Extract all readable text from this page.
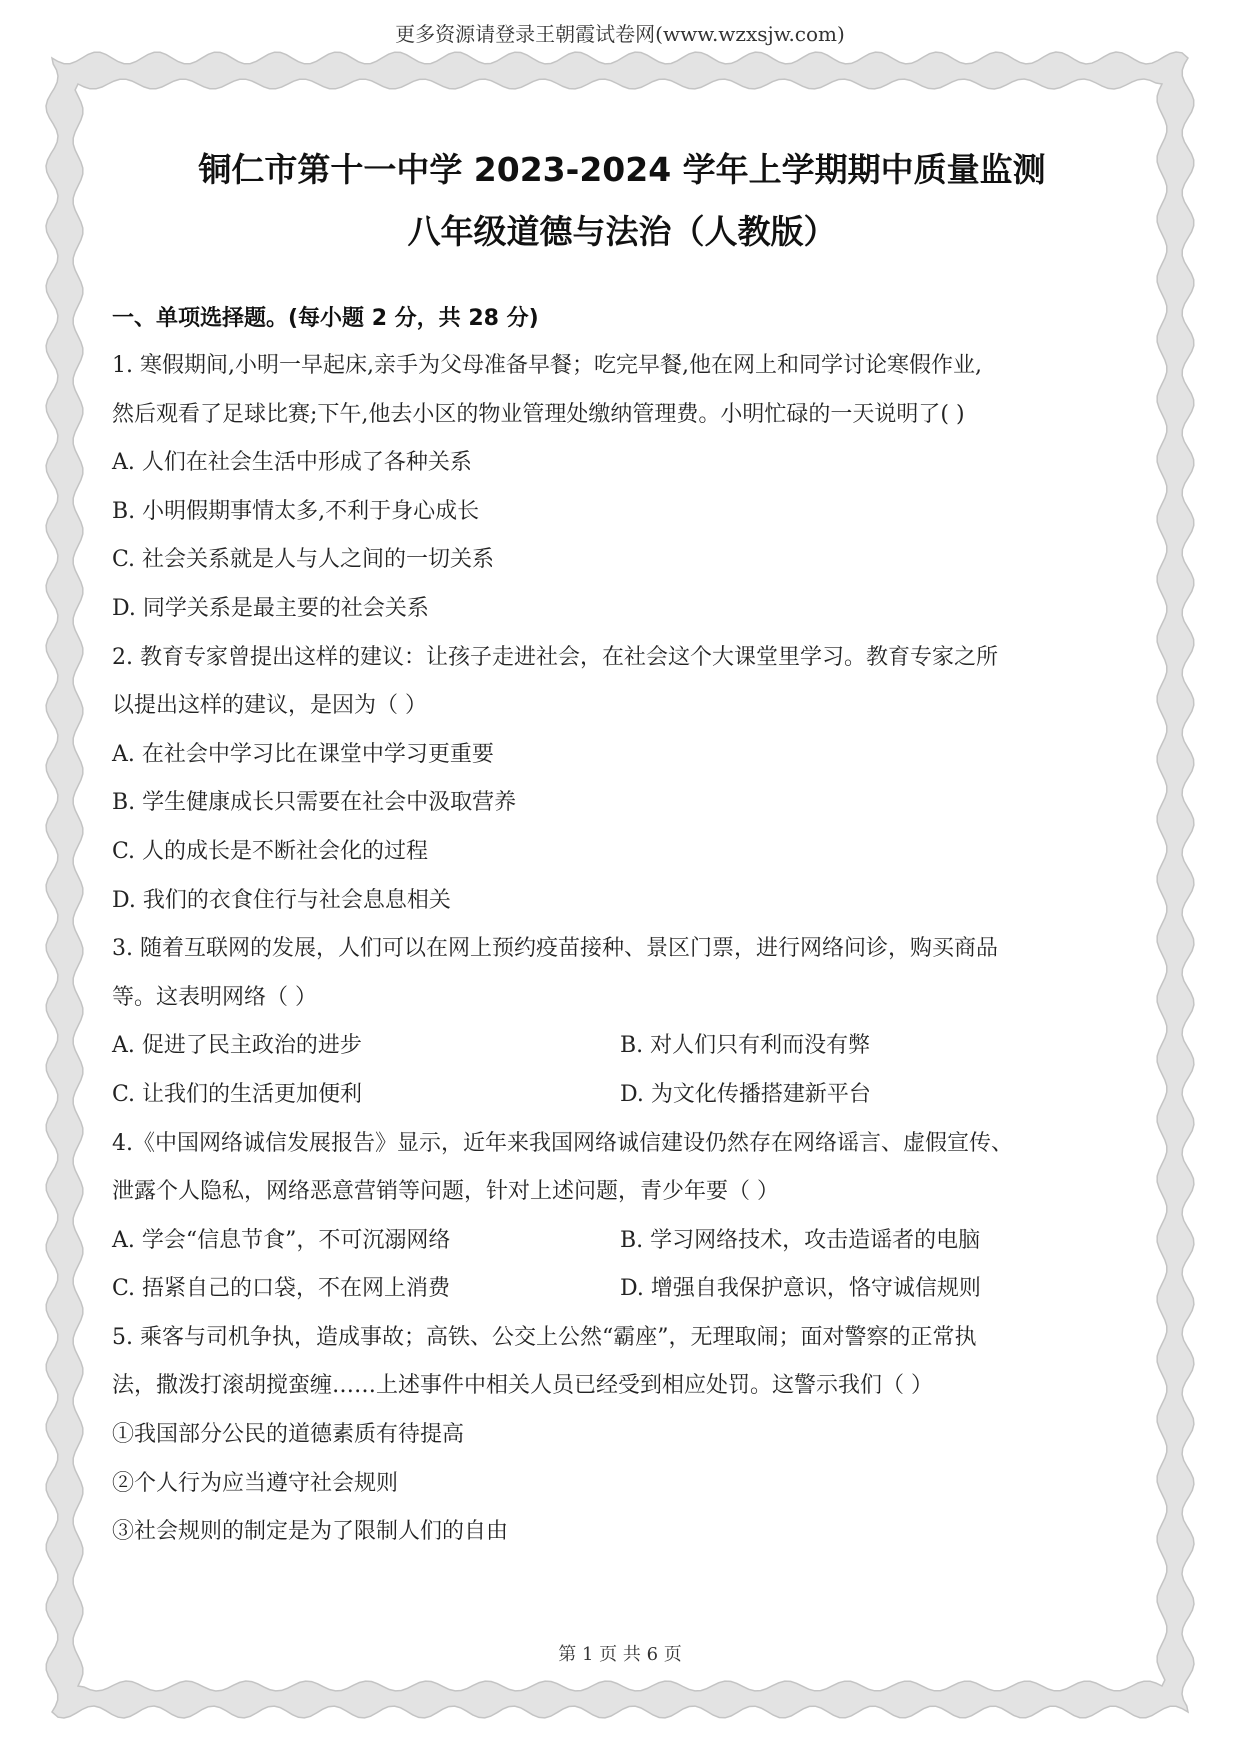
更多资源请登录王朝霞试卷网(www.wzxsjw.com)
铜仁市第十一中学 2023-2024 学年上学期期中质量监测
八年级道德与法治（人教版）
一、单项选择题。(每小题 2 分，共 28 分)
1. 寒假期间,小明一早起床,亲手为父母准备早餐；吃完早餐,他在网上和同学讨论寒假作业,
然后观看了足球比赛;下午,他去小区的物业管理处缴纳管理费。小明忙碌的一天说明了( )
A. 人们在社会生活中形成了各种关系
B. 小明假期事情太多,不利于身心成长
C. 社会关系就是人与人之间的一切关系
D. 同学关系是最主要的社会关系
2. 教育专家曾提出这样的建议：让孩子走进社会，在社会这个大课堂里学习。教育专家之所
以提出这样的建议，是因为（ ）
A. 在社会中学习比在课堂中学习更重要
B. 学生健康成长只需要在社会中汲取营养
C. 人的成长是不断社会化的过程
D. 我们的衣食住行与社会息息相关
3. 随着互联网的发展，人们可以在网上预约疫苗接种、景区门票，进行网络问诊，购买商品
等。这表明网络（ ）
A. 促进了民主政治的进步	B. 对人们只有利而没有弊
C. 让我们的生活更加便利	D. 为文化传播搭建新平台
4.《中国网络诚信发展报告》显示，近年来我国网络诚信建设仍然存在网络谣言、虚假宣传、
泄露个人隐私，网络恶意营销等问题，针对上述问题，青少年要（ ）
A. 学会“信息节食”，不可沉溺网络	B. 学习网络技术，攻击造谣者的电脑
C. 捂紧自己的口袋，不在网上消费	D. 增强自我保护意识，恪守诚信规则
5. 乘客与司机争执，造成事故；高铁、公交上公然“霸座”，无理取闹；面对警察的正常执
法，撒泼打滚胡搅蛮缠……上述事件中相关人员已经受到相应处罚。这警示我们（ ）
①我国部分公民的道德素质有待提高
②个人行为应当遵守社会规则
③社会规则的制定是为了限制人们的自由
第 1 页 共 6 页
